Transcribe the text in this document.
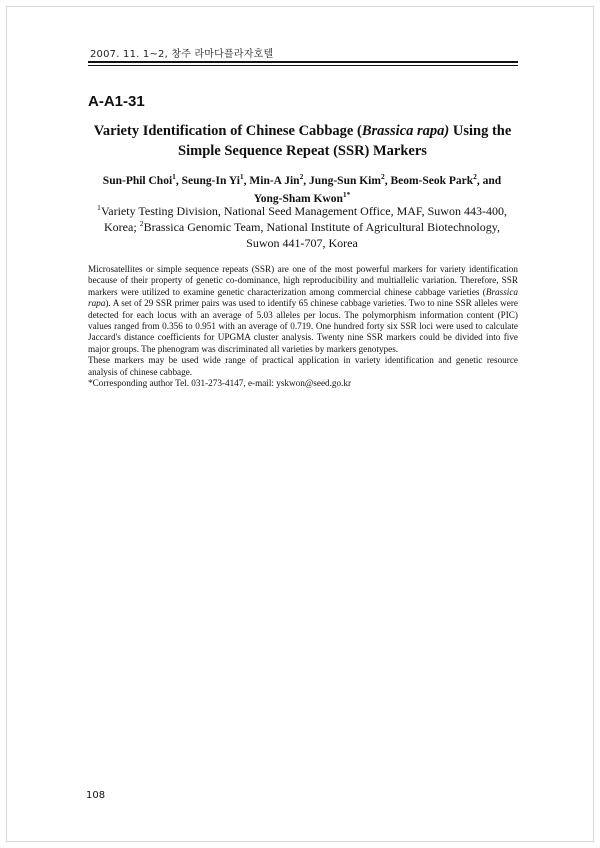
2007. 11. 1~2, 창주 라마다플라자호텔
A-A1-31
Variety Identification of Chinese Cabbage (Brassica rapa) Using the Simple Sequence Repeat (SSR) Markers
Sun-Phil Choi$^1$, Seung-In Yi$^1$, Min-A Jin$^2$, Jung-Sun Kim$^2$, Beom-Seok Park$^2$, and
Yong-Sham Kwon$^{1*}$
$^1$Variety Testing Division, National Seed Management Office, MAF, Suwon 443-400, Korea; $^2$Brassica Genomic Team, National Institute of Agricultural Biotechnology, Suwon 441-707, Korea

Microsatellites or simple sequence repeats (SSR) are one of the most powerful markers for variety identification because of their property of genetic co-dominance, high reproducibility and multiallelic variation. Therefore, SSR markers were utilized to examine genetic characterization among commercial chinese cabbage varieties (Brassica rapa). A set of 29 SSR primer pairs was used to identify 65 chinese cabbage varieties. Two to nine SSR alleles were detected for each locus with an average of 5.03 alleles per locus. The polymorphism information content (PIC) values ranged from 0.356 to 0.951 with an average of 0.719. One hundred forty six SSR loci were used to calculate Jaccard's distance coefficients for UPGMA cluster analysis. Twenty nine SSR markers could be divided into five major groups. The phenogram was discriminated all varieties by markers genotypes.

These markers may be used wide range of practical application in variety identification and genetic resource analysis of chinese cabbage.

*Corresponding author Tel. 031-273-4147, e-mail: yskwon@seed.go.kr

108
